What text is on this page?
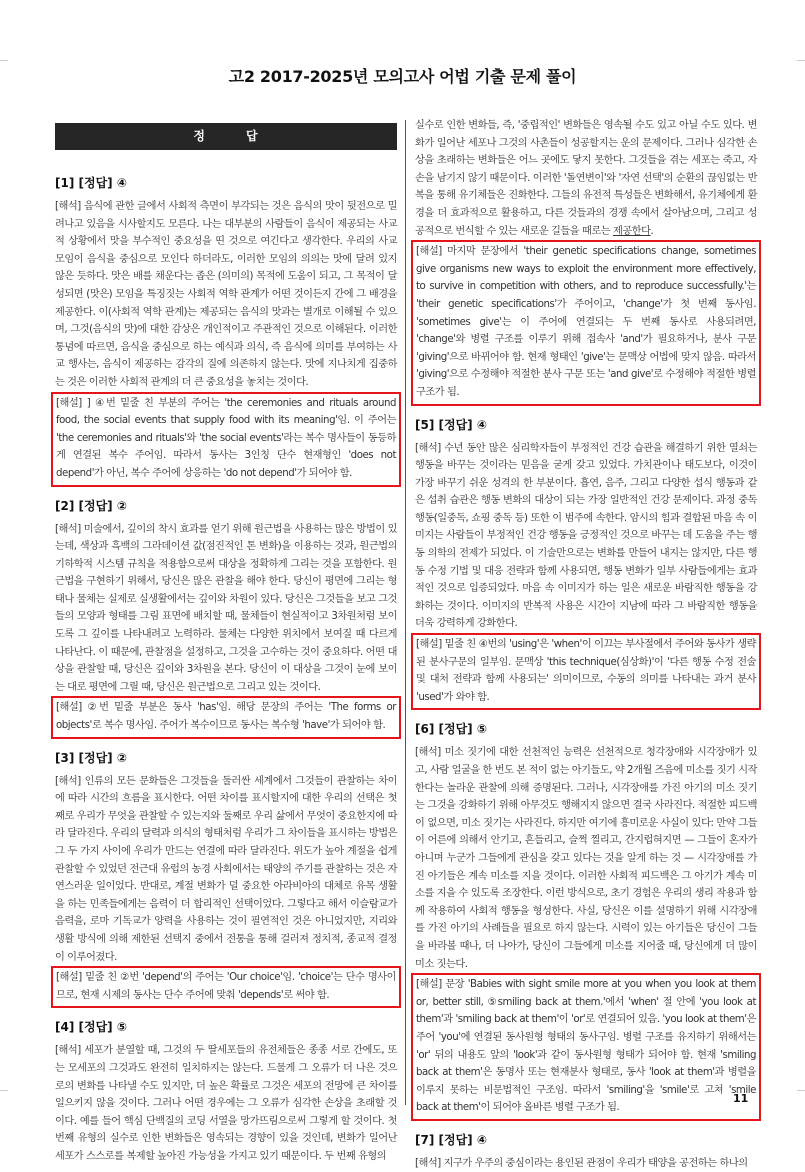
고2 2017-2025년 모의고사 어법 기출 문제 풀이
정	답
[1] [정답] ④

[해석] 음식에 관한 글에서 사회적 측면이 부각되는 것은 음식의 맛이 뒷전으로 밀려나고 있음을 시사할지도 모른다. 나는 대부분의 사람들이 음식이 제공되는 사교적 상황에서 맛을 부수적인 중요성을 띤 것으로 여긴다고 생각한다. 우리의 사교 모임이 음식을 중심으로 모인다 하더라도, 이러한 모임의 의의는 맛에 달려 있지 않은 듯하다. 맛은 배를 채운다는 좁은 (의미의) 목적에 도움이 되고, 그 목적이 달성되면 (맛은) 모임을 특징짓는 사회적 역학 관계가 어떤 것이든지 간에 그 배경을 제공한다. 이(사회적 역학 관계)는 제공되는 음식의 맛과는 별개로 이해될 수 있으며, 그것(음식의 맛)에 대한 감상은 개인적이고 주관적인 것으로 이해된다. 이러한 통념에 따르면, 음식을 중심으로 하는 예식과 의식, 즉 음식에 의미를 부여하는 사교 행사는, 음식이 제공하는 감각의 질에 의존하지 않는다. 맛에 지나치게 집중하는 것은 이러한 사회적 관계의 더 큰 중요성을 놓치는 것이다.

[해설] ] ④번 밑줄 친 부분의 주어는 'the ceremonies and rituals around food, the social events that supply food with its meaning'임. 이 주어는 'the ceremonies and rituals'와 'the social events'라는 복수 명사들이 동등하게 연결된 복수 주어임. 따라서 동사는 3인칭 단수 현재형인 'does not depend'가 아닌, 복수 주어에 상응하는 'do not depend'가 되어야 함.

[2] [정답] ②

[해석] 미술에서, 깊이의 착시 효과를 얻기 위해 원근법을 사용하는 많은 방법이 있는데, 색상과 흑백의 그라데이션 값(점진적인 톤 변화)을 이용하는 것과, 원근법의 기하학적 시스템 규칙을 적용함으로써 대상을 정확하게 그리는 것을 포함한다. 원근법을 구현하기 위해서, 당신은 많은 관찰을 해야 한다. 당신이 평면에 그리는 형태나 물체는 실제로 실생활에서는 깊이와 차원이 있다. 당신은 그것들을 보고 그것들의 모양과 형태를 그림 표면에 배치할 때, 물체들이 현실적이고 3차원처럼 보이도록 그 깊이를 나타내려고 노력하라. 물체는 다양한 위치에서 보여질 때 다르게 나타난다. 이 때문에, 관찰점을 설정하고, 그것을 고수하는 것이 중요하다. 어떤 대상을 관찰할 때, 당신은 깊이와 3차원을 본다. 당신이 이 대상을 그것이 눈에 보이는 대로 평면에 그릴 때, 당신은 원근법으로 그리고 있는 것이다.

[해설] ②번 밑줄 부분은 동사 'has'임. 해당 문장의 주어는 'The forms or objects'로 복수 명사임. 주어가 복수이므로 동사는 복수형 'have'가 되어야 함.

[3] [정답] ②

[해석] 인류의 모든 문화들은 그것들을 둘러싼 세계에서 그것들이 관찰하는 차이에 따라 시간의 흐름을 표시한다. 어떤 차이를 표시할지에 대한 우리의 선택은 첫째로 우리가 무엇을 관찰할 수 있는지와 둘째로 우리 삶에서 무엇이 중요한지에 따라 달라진다. 우리의 달력과 의식의 형태처럼 우리가 그 차이들을 표시하는 방법은 그 두 가지 사이에 우리가 만드는 연결에 따라 달라진다. 위도가 높아 계절을 쉽게 관찰할 수 있었던 전근대 유럽의 농경 사회에서는 태양의 주기를 관찰하는 것은 자연스러운 일이었다. 반대로, 계절 변화가 덜 중요한 아라비아의 대체로 유목 생활을 하는 민족들에게는 음력이 더 합리적인 선택이었다. 그렇다고 해서 이슬람교가 음력을, 로마 기독교가 양력을 사용하는 것이 필연적인 것은 아니었지만, 지리와 생활 방식에 의해 제한된 선택지 중에서 전통을 통해 걸러져 정치적, 종교적 결정이 이루어졌다.

[해설] 밑줄 친 ②번 'depend'의 주어는 'Our choice'임. 'choice'는 단수 명사이므로, 현재 시제의 동사는 단수 주어에 맞춰 'depends'로 써야 함.

[4] [정답] ⑤

[해석] 세포가 분열할 때, 그것의 두 딸세포들의 유전체들은 종종 서로 간에도, 또는 모세포의 그것과도 완전히 일치하지는 않는다. 드물게 그 오류가 더 나은 것으로의 변화를 나타낼 수도 있지만, 더 높은 확률로 그것은 세포의 전망에 큰 차이를 일으키지 않을 것이다. 그러나 어떤 경우에는 그 오류가 심각한 손상을 초래할 것이다. 예를 들어 핵심 단백질의 코딩 서열을 망가뜨림으로써 그렇게 할 것이다. 첫 번째 유형의 실수로 인한 변화들은 영속되는 경향이 있을 것인데, 변화가 일어난 세포가 스스로를 복제할 높아진 가능성을 가지고 있기 때문이다. 두 번째 유형의

실수로 인한 변화들, 즉, '중립적인' 변화들은 영속될 수도 있고 아닐 수도 있다. 변화가 일어난 세포나 그것의 사촌들이 성공할지는 운의 문제이다. 그러나 심각한 손상을 초래하는 변화들은 어느 곳에도 닿지 못한다. 그것들을 겪는 세포는 죽고, 자손을 남기지 않기 때문이다. 이러한 '돌연변이'와 '자연 선택'의 순환의 끊임없는 반복을 통해 유기체들은 진화한다. 그들의 유전적 특성들은 변화해서, 유기체에게 환경을 더 효과적으로 활용하고, 다른 것들과의 경쟁 속에서 살아남으며, 그리고 성공적으로 번식할 수 있는 새로운 길들을 때로는 제공한다.

[해설] 마지막 문장에서 'their genetic specifications change, sometimes give organisms new ways to exploit the environment more effectively, to survive in competition with others, and to reproduce successfully.'는 'their genetic specifications'가 주어이고, 'change'가 첫 번째 동사임. 'sometimes give'는 이 주어에 연결되는 두 번째 동사로 사용되려면, 'change'와 병렬 구조를 이루기 위해 접속사 'and'가 필요하거나, 분사 구문 'giving'으로 바뀌어야 함. 현재 형태인 'give'는 문맥상 어법에 맞지 않음. 따라서 'giving'으로 수정해야 적절한 분사 구문 또는 'and give'로 수정해야 적절한 병렬 구조가 됨.

[5] [정답] ④

[해석] 수년 동안 많은 심리학자들이 부정적인 건강 습관을 해결하기 위한 열쇠는 행동을 바꾸는 것이라는 믿음을 굳게 갖고 있었다. 가치관이나 태도보다, 이것이 가장 바꾸기 쉬운 성격의 한 부분이다. 흡연, 음주, 그리고 다양한 섭식 행동과 같은 섭취 습관은 행동 변화의 대상이 되는 가장 일반적인 건강 문제이다. 과정 중독 행동(일중독, 쇼핑 중독 등) 또한 이 범주에 속한다. 암시의 힘과 결합된 마음 속 이미지는 사람들이 부정적인 건강 행동을 긍정적인 것으로 바꾸는 데 도움을 주는 행동 의학의 전제가 되었다. 이 기술만으로는 변화를 만들어 내지는 않지만, 다른 행동 수정 기법 및 대응 전략과 함께 사용되면, 행동 변화가 일부 사람들에게는 효과적인 것으로 입증되었다. 마음 속 이미지가 하는 일은 새로운 바람직한 행동을 강화하는 것이다. 이미지의 반복적 사용은 시간이 지남에 따라 그 바람직한 행동을 더욱 강력하게 강화한다.

[해설] 밑줄 친 ④번의 'using'은 'when'이 이끄는 부사절에서 주어와 동사가 생략된 분사구문의 일부임. 문맥상 'this technique(심상화)'이 '다른 행동 수정 전술 및 대처 전략과 함께 사용되는' 의미이므로, 수동의 의미를 나타내는 과거 분사 'used'가 와야 함.

[6] [정답] ⑤

[해석] 미소 짓기에 대한 선천적인 능력은 선천적으로 청각장애와 시각장애가 있고, 사람 얼굴을 한 번도 본 적이 없는 아기들도, 약 2개월 즈음에 미소를 짓기 시작한다는 놀라운 관찰에 의해 증명된다. 그러나, 시각장애를 가진 아기의 미소 짓기는 그것을 강화하기 위해 아무것도 행해지지 않으면 결국 사라진다. 적절한 피드백이 없으면, 미소 짓기는 사라진다. 하지만 여기에 흥미로운 사실이 있다: 만약 그들이 어른에 의해서 안기고, 흔들리고, 슬쩍 찔리고, 간지럽혀지면 — 그들이 혼자가 아니며 누군가 그들에게 관심을 갖고 있다는 것을 알게 하는 것 — 시각장애를 가진 아기들은 계속 미소를 지을 것이다. 이러한 사회적 피드백은 그 아기가 계속 미소를 지을 수 있도록 조장한다. 이런 방식으로, 초기 경험은 우리의 생리 작용과 함께 작용하여 사회적 행동을 형성한다. 사실, 당신은 이를 설명하기 위해 시각장애를 가진 아기의 사례들을 필요로 하지 않는다. 시력이 있는 아기들은 당신이 그들을 바라볼 때나, 더 나아가, 당신이 그들에게 미소를 지어줄 때, 당신에게 더 많이 미소 짓는다.

[해설] 문장 'Babies with sight smile more at you when you look at them or, better still, ⑤smiling back at them.'에서 'when' 절 안에 'you look at them'과 'smiling back at them'이 'or'로 연결되어 있음. 'you look at them'은 주어 'you'에 연결된 동사원형 형태의 동사구임. 병렬 구조를 유지하기 위해서는 'or' 뒤의 내용도 앞의 'look'과 같이 동사원형 형태가 되어야 함. 현재 'smiling back at them'은 동명사 또는 현재분사 형태로, 동사 'look at them'과 병렬을 이루지 못하는 비문법적인 구조임. 따라서 'smiling'을 'smile'로 고쳐 'smile back at them'이 되어야 올바른 병렬 구조가 됨.

[7] [정답] ④

[해석] 지구가 우주의 중심이라는 용인된 관점이 우리가 태양을 공전하는 하나의

11
